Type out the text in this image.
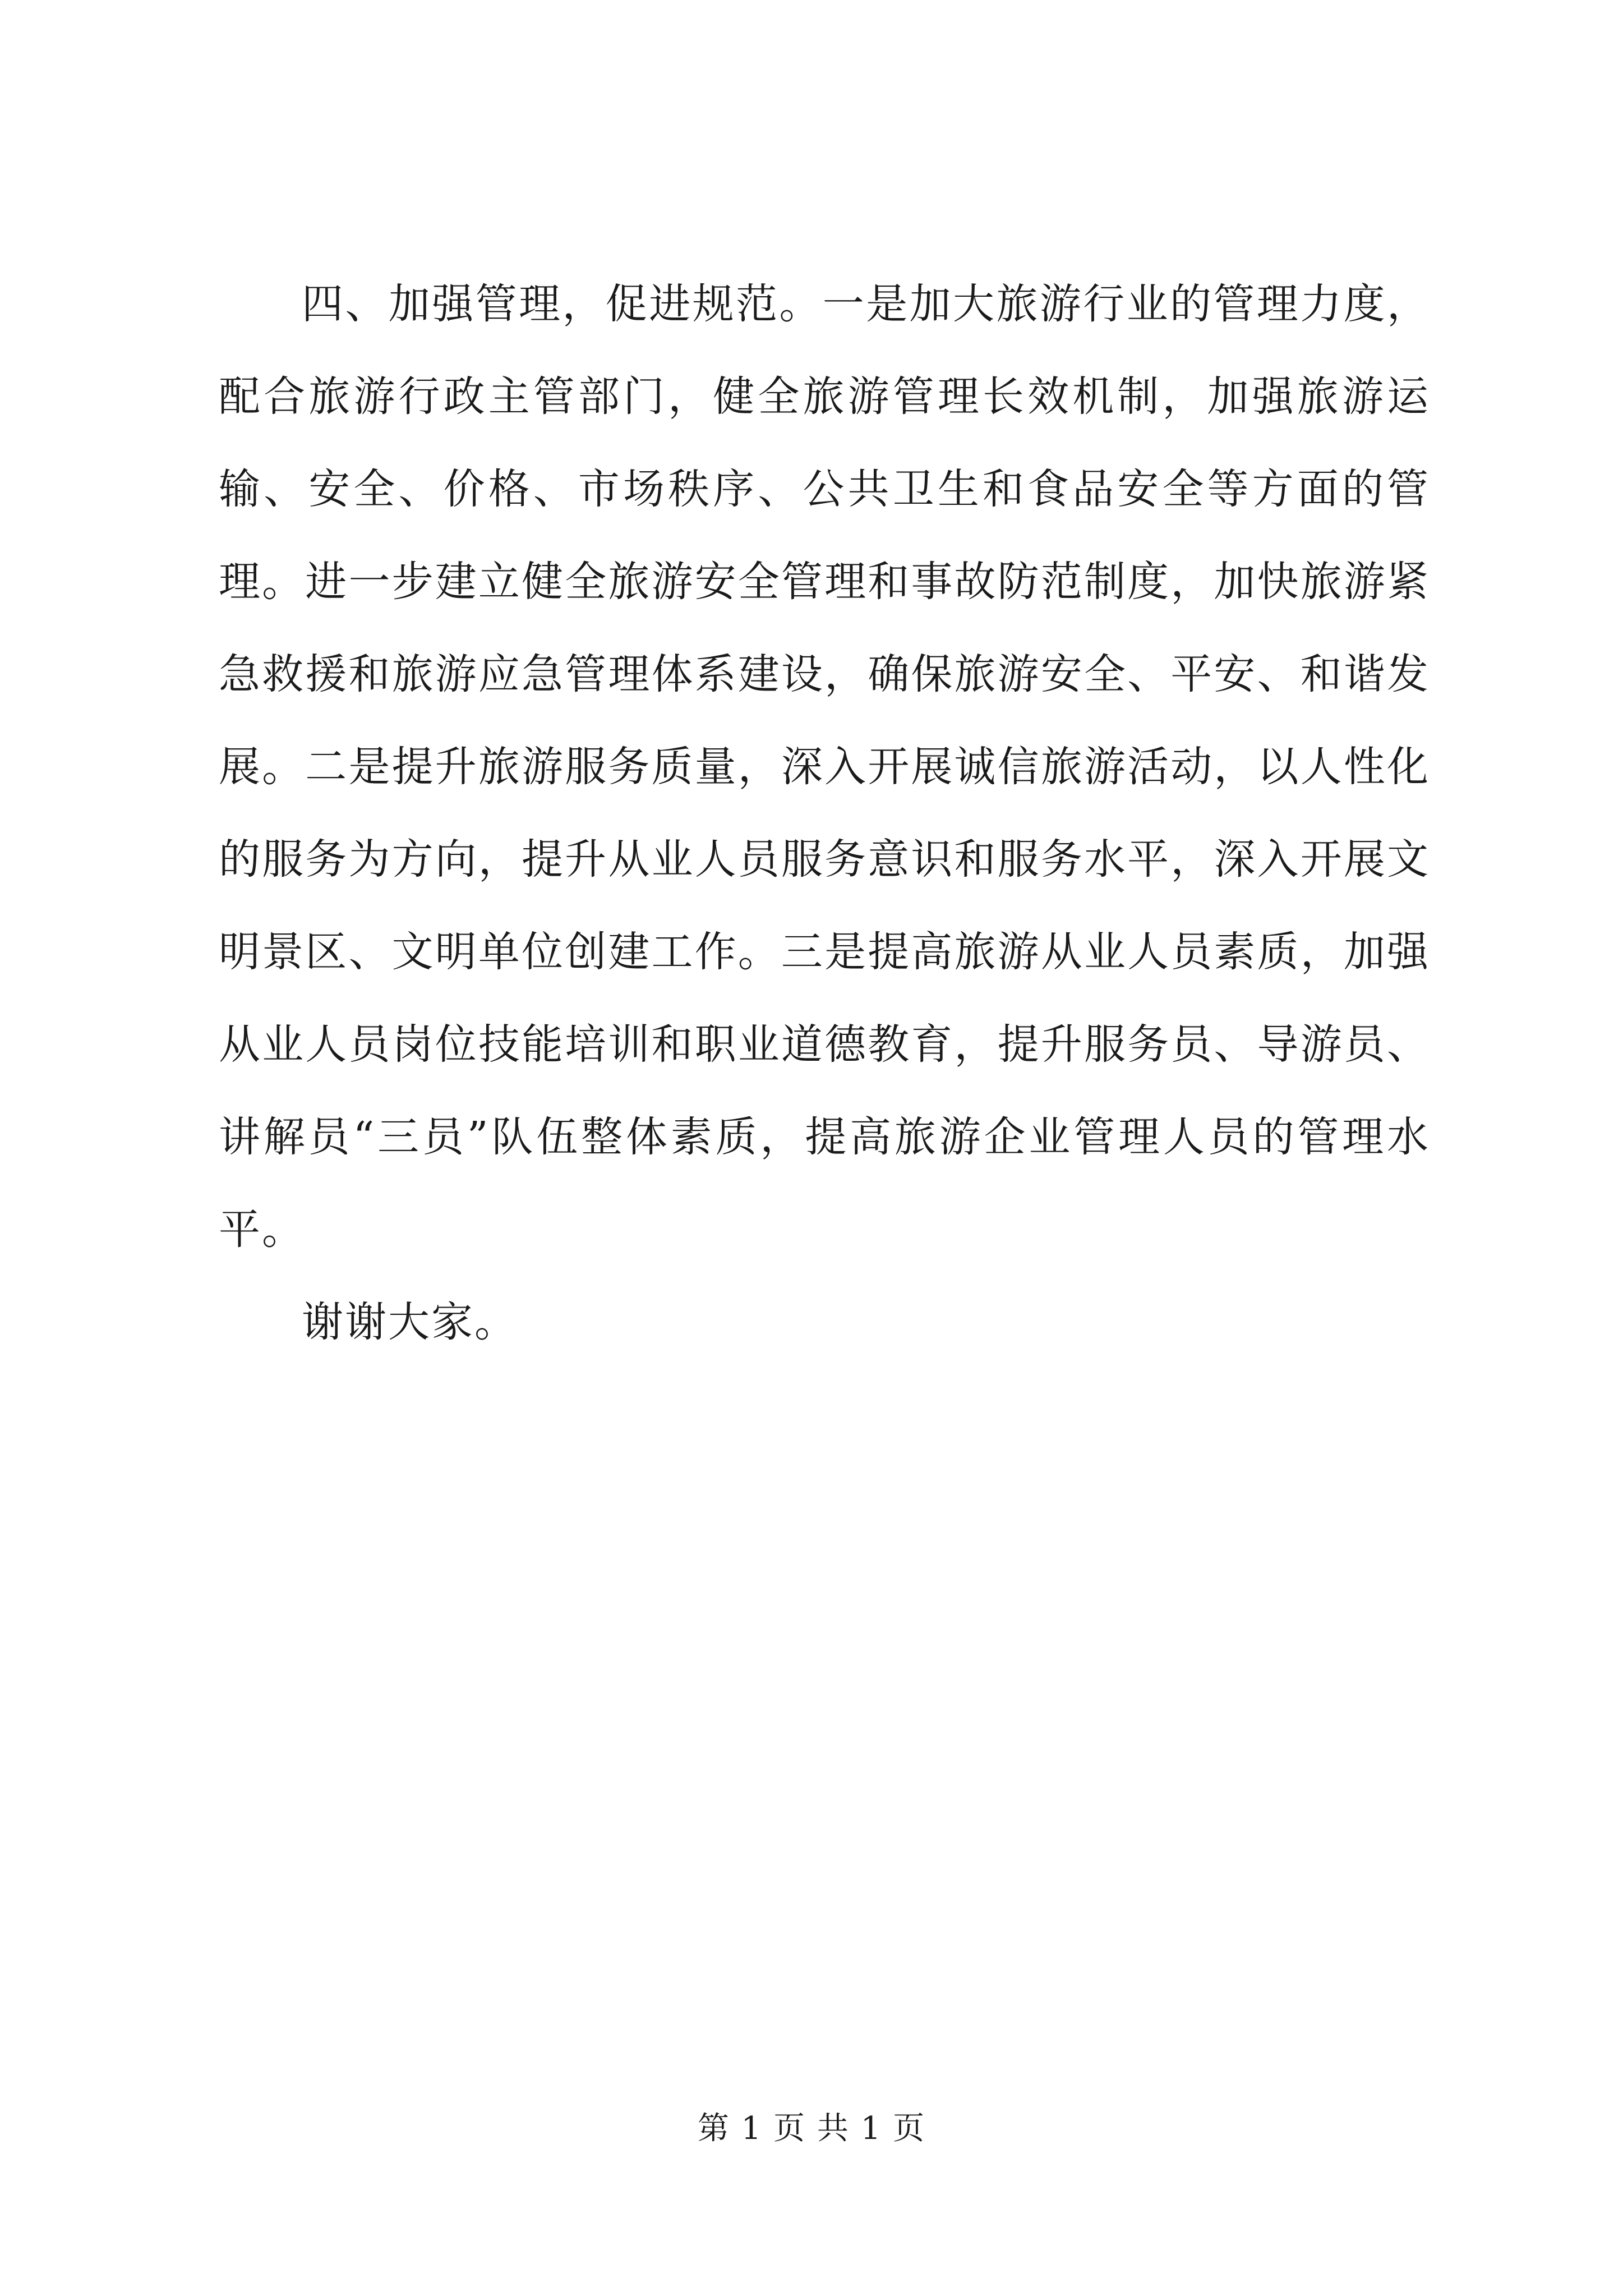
四、加强管理，促进规范。一是加大旅游行业的管理力度，配合旅游行政主管部门，健全旅游管理长效机制，加强旅游运输、安全、价格、市场秩序、公共卫生和食品安全等方面的管理。进一步建立健全旅游安全管理和事故防范制度，加快旅游紧急救援和旅游应急管理体系建设，确保旅游安全、平安、和谐发展。二是提升旅游服务质量，深入开展诚信旅游活动，以人性化的服务为方向，提升从业人员服务意识和服务水平，深入开展文明景区、文明单位创建工作。三是提高旅游从业人员素质，加强从业人员岗位技能培训和职业道德教育，提升服务员、导游员、讲解员“三员”队伍整体素质，提高旅游企业管理人员的管理水平。

谢谢大家。

第 1 页 共 1 页
